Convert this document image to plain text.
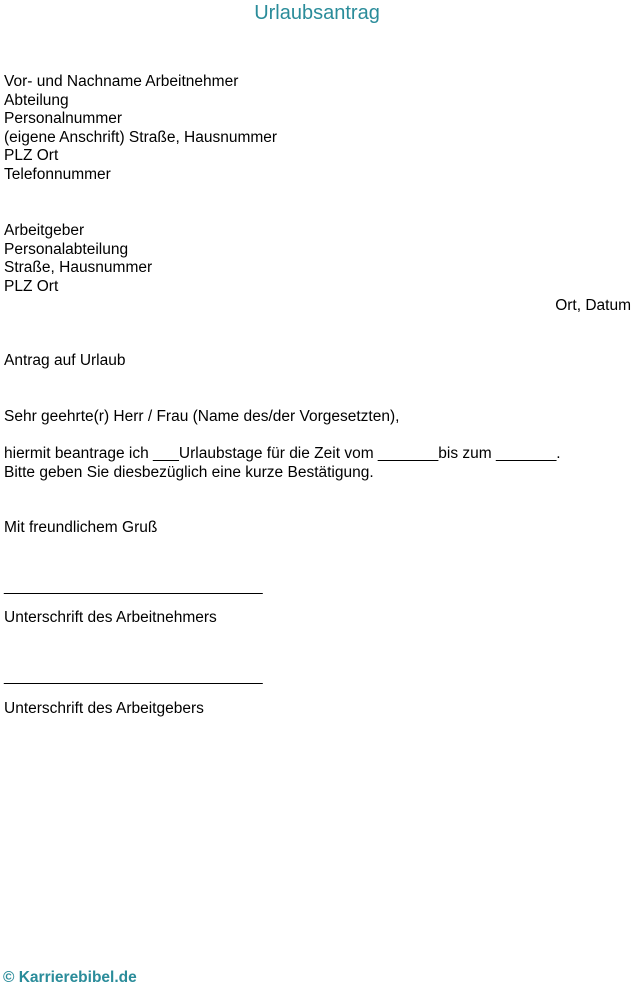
Urlaubsantrag
Vor- und Nachname Arbeitnehmer
Abteilung
Personalnummer
(eigene Anschrift) Straße, Hausnummer
PLZ Ort
Telefonnummer
Arbeitgeber
Personalabteilung
Straße, Hausnummer
PLZ Ort
Ort, Datum
Antrag auf Urlaub
Sehr geehrte(r) Herr / Frau (Name des/der Vorgesetzten),
hiermit beantrage ich ___Urlaubstage für die Zeit vom _______bis zum _______.
Bitte geben Sie diesbezüglich eine kurze Bestätigung.
Mit freundlichem Gruß
______________________________
Unterschrift des Arbeitnehmers
______________________________
Unterschrift des Arbeitgebers
© Karrierebibel.de
